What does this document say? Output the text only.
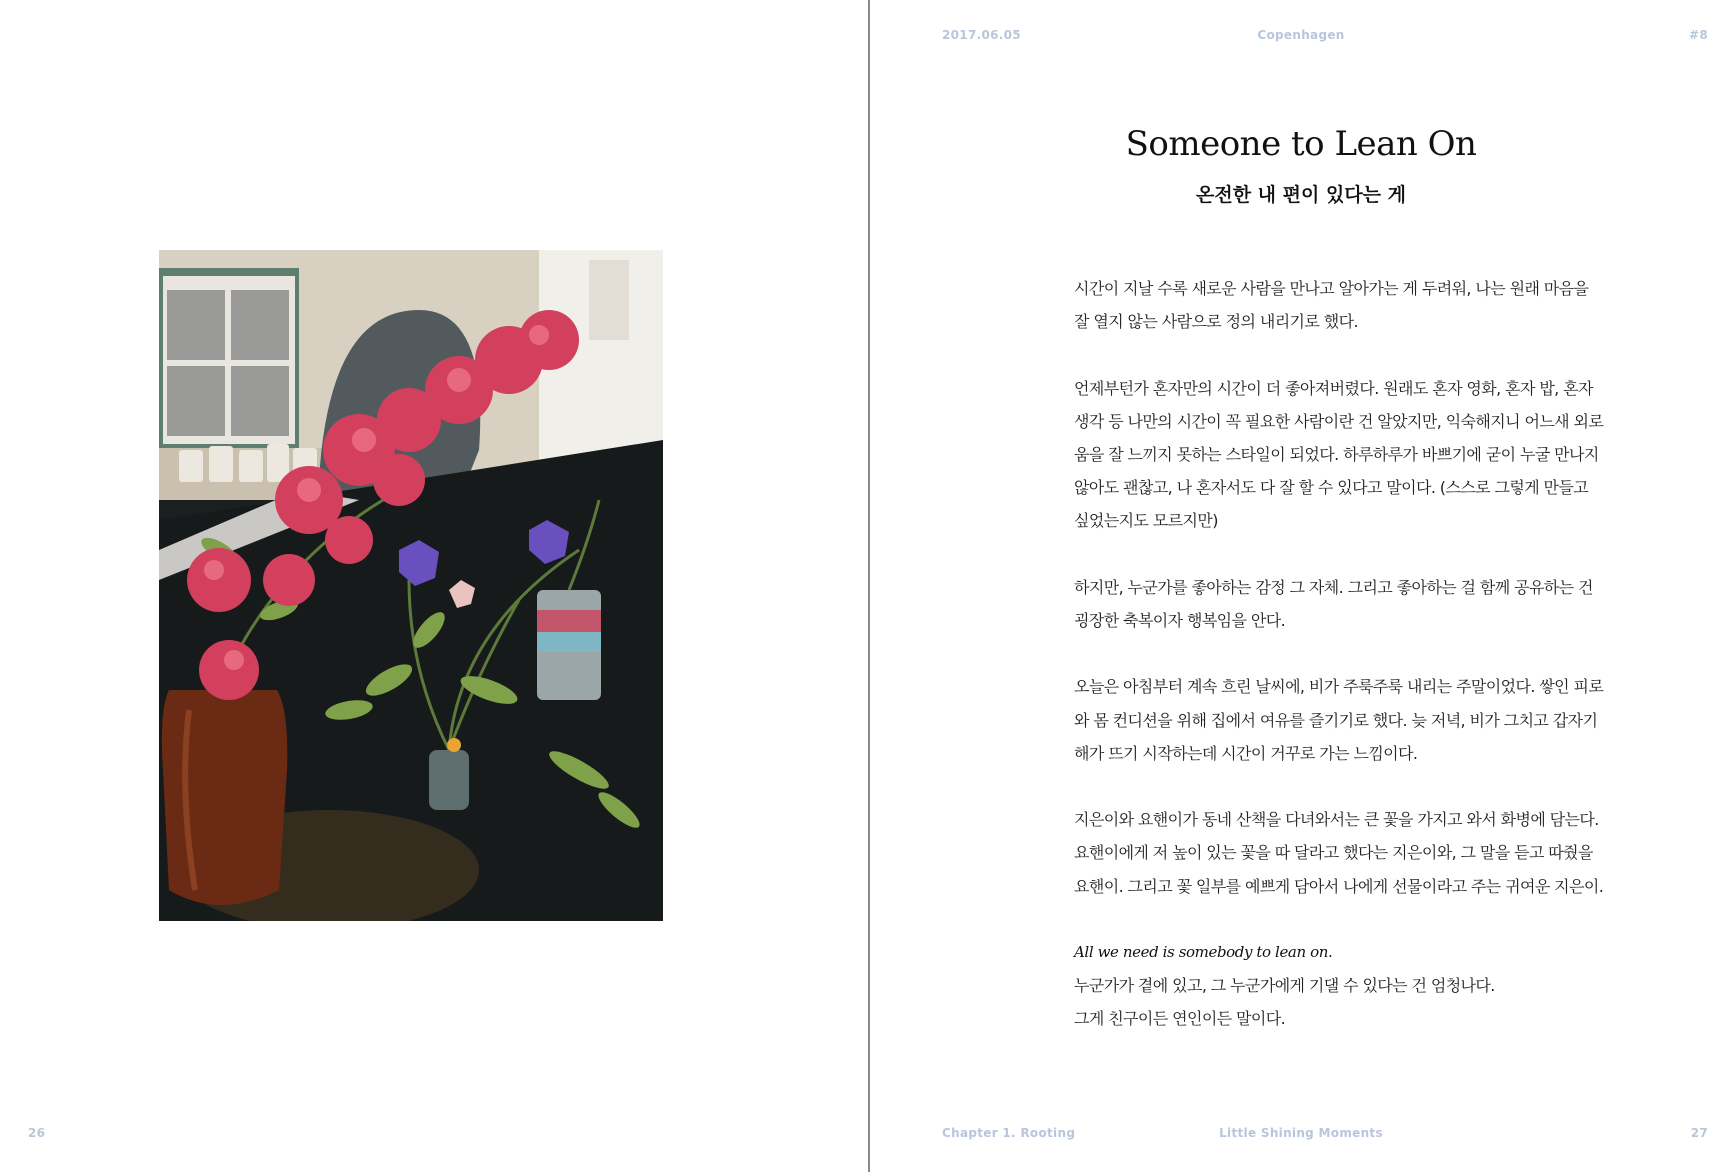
26
2017.06.05	Copenhagen	#8
Someone to Lean On
온전한 내 편이 있다는 게

시간이 지날 수록 새로운 사람을 만나고 알아가는 게 두려워, 나는 원래 마음을 잘 열지 않는 사람으로 정의 내리기로 했다.

언제부턴가 혼자만의 시간이 더 좋아져버렸다. 원래도 혼자 영화, 혼자 밥, 혼자 생각 등 나만의 시간이 꼭 필요한 사람이란 건 알았지만, 익숙해지니 어느새 외로움을 잘 느끼지 못하는 스타일이 되었다. 하루하루가 바쁘기에 굳이 누굴 만나지 않아도 괜찮고, 나 혼자서도 다 잘 할 수 있다고 말이다. (스스로 그렇게 만들고 싶었는지도 모르지만)

하지만, 누군가를 좋아하는 감정 그 자체. 그리고 좋아하는 걸 함께 공유하는 건 굉장한 축복이자 행복임을 안다.

오늘은 아침부터 계속 흐린 날씨에, 비가 주룩주룩 내리는 주말이었다. 쌓인 피로와 몸 컨디션을 위해 집에서 여유를 즐기기로 했다. 늦 저녁, 비가 그치고 갑자기 해가 뜨기 시작하는데 시간이 거꾸로 가는 느낌이다.

지은이와 요핸이가 동네 산책을 다녀와서는 큰 꽃을 가지고 와서 화병에 담는다. 요핸이에게 저 높이 있는 꽃을 따 달라고 했다는 지은이와, 그 말을 듣고 따줬을 요핸이. 그리고 꽃 일부를 예쁘게 담아서 나에게 선물이라고 주는 귀여운 지은이.

All we need is somebody to lean on.
누군가가 곁에 있고, 그 누군가에게 기댈 수 있다는 건 엄청나다.
그게 친구이든 연인이든 말이다.

Chapter 1. Rooting	Little Shining Moments	27
